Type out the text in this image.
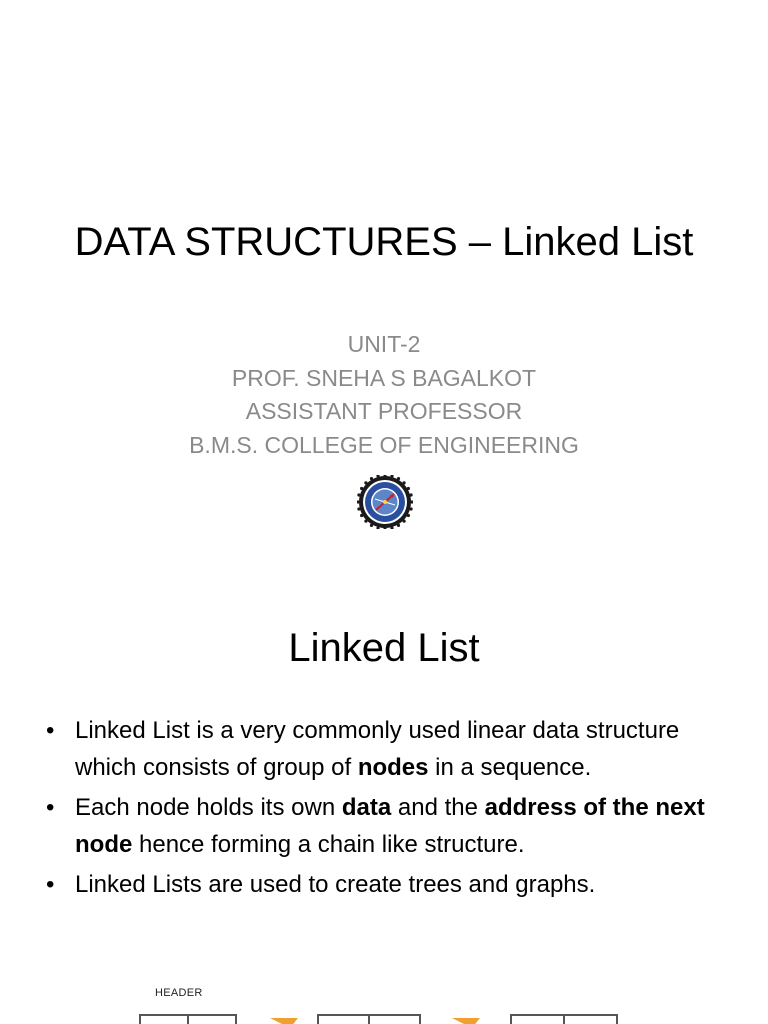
DATA STRUCTURES – Linked List
UNIT-2
PROF. SNEHA S BAGALKOT
ASSISTANT PROFESSOR
B.M.S. COLLEGE OF ENGINEERING
Linked List
• Linked List is a very commonly used linear data structure which consists of group of nodes in a sequence.
• Each node holds its own data and the address of the next node hence forming a chain like structure.
• Linked Lists are used to create trees and graphs.
HEADER
